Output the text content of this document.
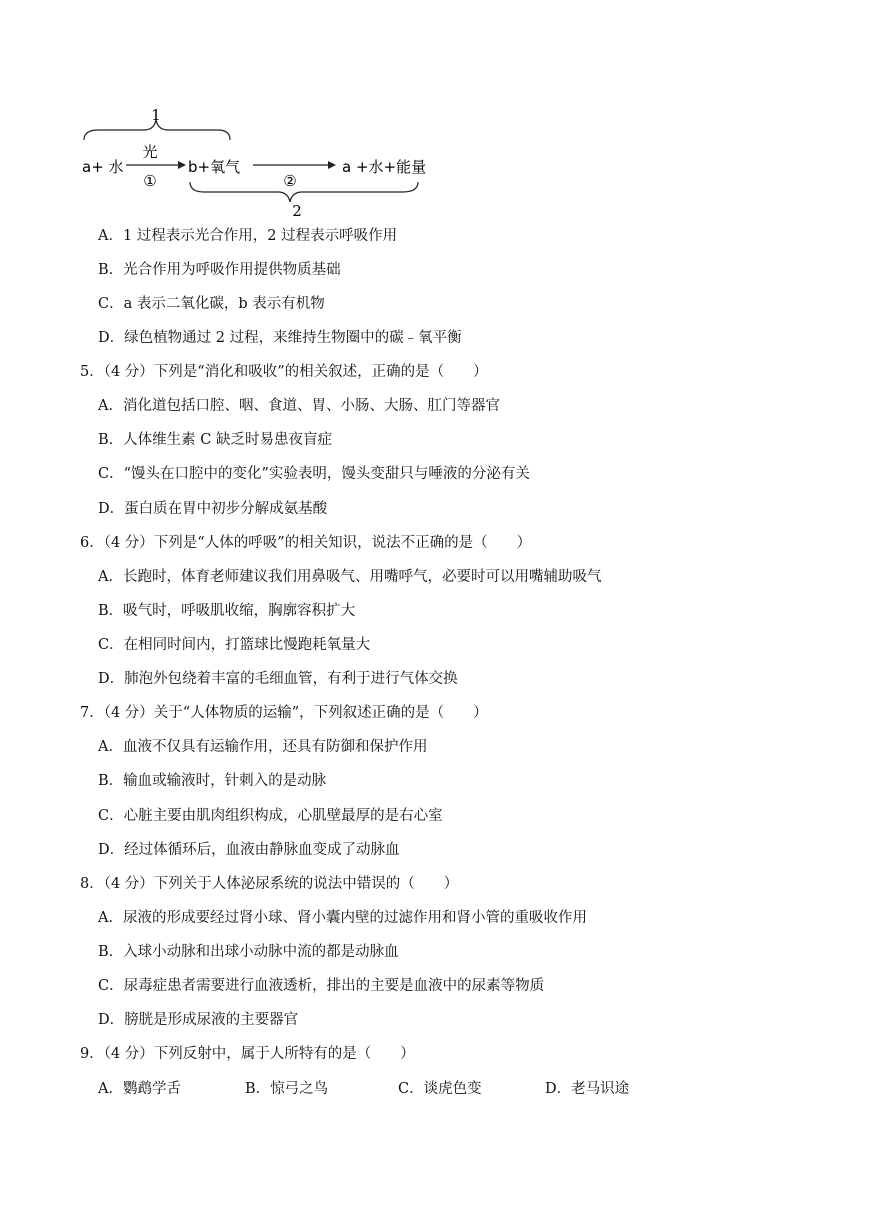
1
a+ 水
光
①
b+氧气
②
a +水+能量
2
A．1 过程表示光合作用，2 过程表示呼吸作用
B．光合作用为呼吸作用提供物质基础
C．a 表示二氧化碳，b 表示有机物
D．绿色植物通过 2 过程，来维持生物圈中的碳﹣氧平衡
5．（4 分）下列是“消化和吸收”的相关叙述，正确的是（　　）
A．消化道包括口腔、咽、食道、胃、小肠、大肠、肛门等器官
B．人体维生素 C 缺乏时易患夜盲症
C．“馒头在口腔中的变化”实验表明，馒头变甜只与唾液的分泌有关
D．蛋白质在胃中初步分解成氨基酸
6．（4 分）下列是“人体的呼吸”的相关知识，说法不正确的是（　　）
A．长跑时，体育老师建议我们用鼻吸气、用嘴呼气，必要时可以用嘴辅助吸气
B．吸气时，呼吸肌收缩，胸廓容积扩大
C．在相同时间内，打篮球比慢跑耗氧量大
D．肺泡外包绕着丰富的毛细血管，有利于进行气体交换
7．（4 分）关于“人体物质的运输”，下列叙述正确的是（　　）
A．血液不仅具有运输作用，还具有防御和保护作用
B．输血或输液时，针刺入的是动脉
C．心脏主要由肌肉组织构成，心肌壁最厚的是右心室
D．经过体循环后，血液由静脉血变成了动脉血
8．（4 分）下列关于人体泌尿系统的说法中错误的（　　）
A．尿液的形成要经过肾小球、肾小囊内壁的过滤作用和肾小管的重吸收作用
B．入球小动脉和出球小动脉中流的都是动脉血
C．尿毒症患者需要进行血液透析，排出的主要是血液中的尿素等物质
D．膀胱是形成尿液的主要器官
9．（4 分）下列反射中，属于人所特有的是（　　）
A．鹦鹉学舌	B．惊弓之鸟	C．谈虎色变	D．老马识途
